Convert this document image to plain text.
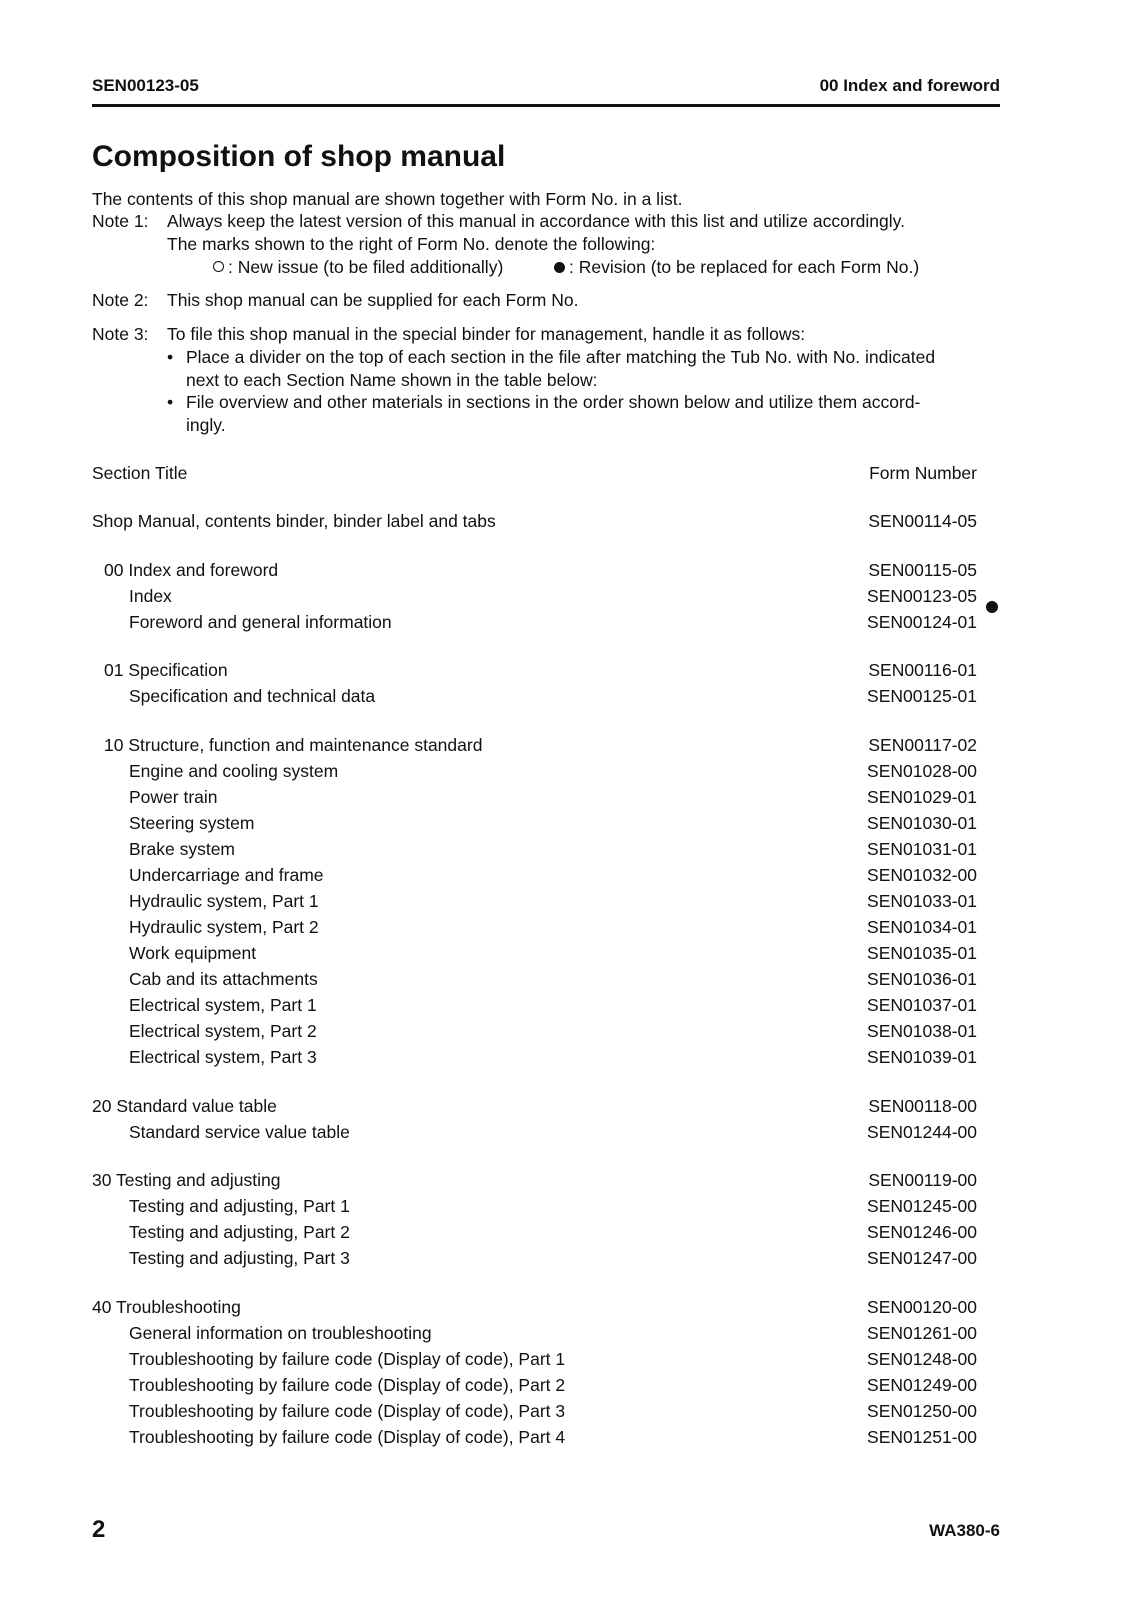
SEN00123-05	00 Index and foreword
Composition of shop manual
The contents of this shop manual are shown together with Form No. in a list.
Note 1: Always keep the latest version of this manual in accordance with this list and utilize accordingly.
The marks shown to the right of Form No. denote the following:
: New issue (to be filed additionally)	: Revision (to be replaced for each Form No.)
Note 2: This shop manual can be supplied for each Form No.
Note 3: To file this shop manual in the special binder for management, handle it as follows:
• Place a divider on the top of each section in the file after matching the Tub No. with No. indicated
next to each Section Name shown in the table below:
• File overview and other materials in sections in the order shown below and utilize them accord-
ingly.
Section Title	Form Number
Shop Manual, contents binder, binder label and tabs	SEN00114-05
00 Index and foreword	SEN00115-05
Index	SEN00123-05
Foreword and general information	SEN00124-01
01 Specification	SEN00116-01
Specification and technical data	SEN00125-01
10 Structure, function and maintenance standard	SEN00117-02
Engine and cooling system	SEN01028-00
Power train	SEN01029-01
Steering system	SEN01030-01
Brake system	SEN01031-01
Undercarriage and frame	SEN01032-00
Hydraulic system, Part 1	SEN01033-01
Hydraulic system, Part 2	SEN01034-01
Work equipment	SEN01035-01
Cab and its attachments	SEN01036-01
Electrical system, Part 1	SEN01037-01
Electrical system, Part 2	SEN01038-01
Electrical system, Part 3	SEN01039-01
20 Standard value table	SEN00118-00
Standard service value table	SEN01244-00
30 Testing and adjusting	SEN00119-00
Testing and adjusting, Part 1	SEN01245-00
Testing and adjusting, Part 2	SEN01246-00
Testing and adjusting, Part 3	SEN01247-00
40 Troubleshooting	SEN00120-00
General information on troubleshooting	SEN01261-00
Troubleshooting by failure code (Display of code), Part 1	SEN01248-00
Troubleshooting by failure code (Display of code), Part 2	SEN01249-00
Troubleshooting by failure code (Display of code), Part 3	SEN01250-00
Troubleshooting by failure code (Display of code), Part 4	SEN01251-00
2	WA380-6
